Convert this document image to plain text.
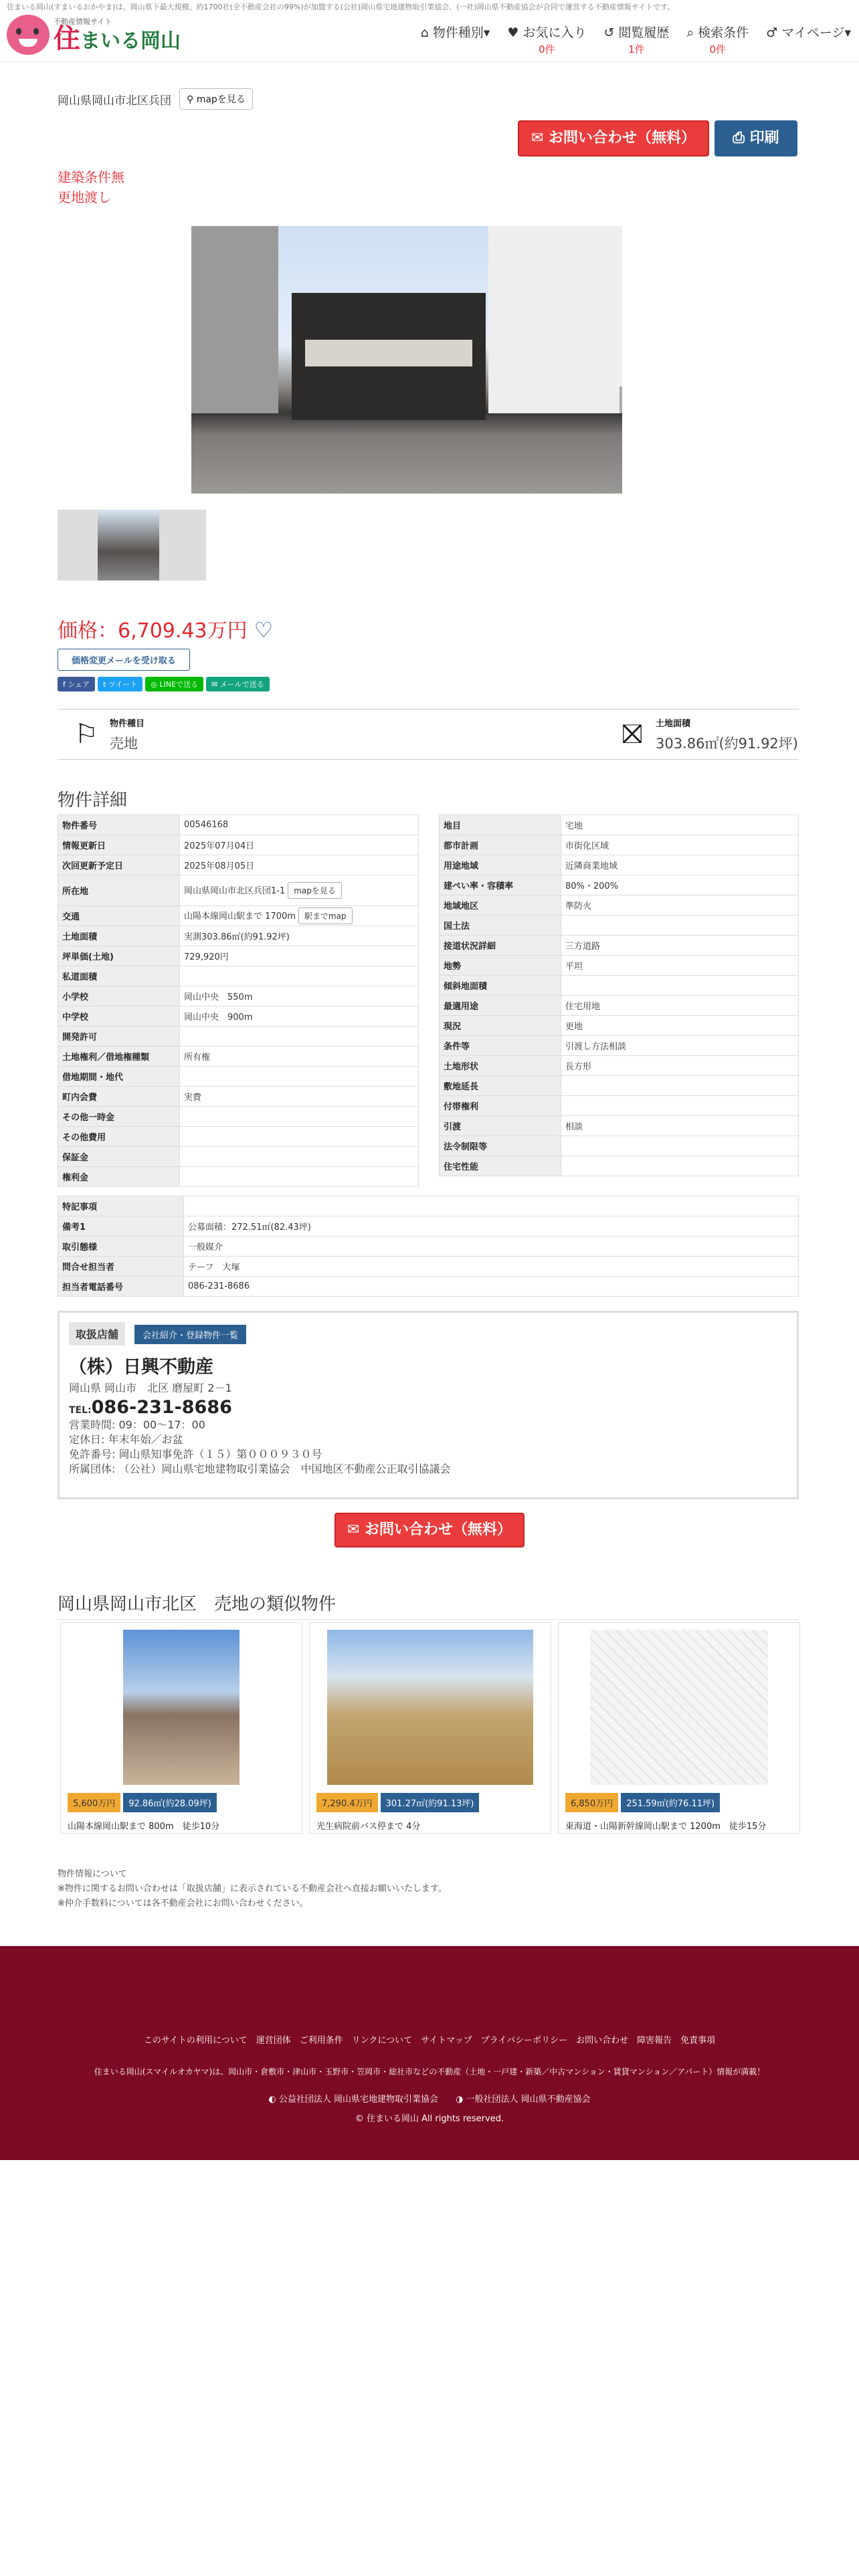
住まいる岡山(すまいるおかやま)は、岡山県下最大規模、約1700社(全不動産会社の99%)が加盟する(公社)岡山県宅地建物取引業協会、(一社)岡山県不動産協会が合同で運営する不動産情報サイトです。
不動産情報サイト
住まいる岡山	⌂ 物件種別▾ ♥ お気に入り
0件
↺ 閲覧履歴
1件
⌕ 検索条件
0件
♂ マイページ▾
岡山県岡山市北区兵団	⚲ mapを見る
✉ お問い合わせ（無料）	⎙ 印刷
建築条件無
更地渡し
価格：6,709.43万円 ♡
価格変更メールを受け取る
f シェア	t ツイート	◎ LINEで送る	✉ メールで送る
⚐	物件種目
売地	⛝	土地面積
303.86㎡(約91.92坪)
物件詳細
物件番号	00546168
情報更新日	2025年07月04日
次回更新予定日	2025年08月05日
所在地	岡山県岡山市北区兵団1-1 mapを見る
交通	山陽本線岡山駅まで 1700m 駅までmap
土地面積	実測303.86㎡(約91.92坪)
坪単価(土地)	729,920円
私道面積	
小学校	岡山中央　550m
中学校	岡山中央　900m
開発許可	
土地権利／借地権種類	所有権
借地期間・地代	
町内会費	実費
その他一時金	
その他費用	
保証金	
権利金	
地目	宅地
都市計画	市街化区域
用途地域	近隣商業地域
建ぺい率・容積率	80%・200%
地域地区	準防火
国土法	
接道状況詳細	三方道路
地勢	平坦
傾斜地面積	
最適用途	住宅用地
現況	更地
条件等	引渡し方法相談
土地形状	長方形
敷地延長	
付帯権利	
引渡	相談
法令制限等	
住宅性能	
特記事項	
備考1	公募面積：272.51㎡(82.43坪)
取引態様	一般媒介
問合せ担当者	テーフ　大塚
担当者電話番号	086-231-8686
取扱店舗	会社紹介・登録物件一覧
（株）日興不動産
岡山県 岡山市　北区 磨屋町 2－1
TEL:086-231-8686
営業時間: 09：00〜17：00
定休日: 年末年始／お盆
免許番号: 岡山県知事免許（１５）第０００９３０号
所属団体: （公社）岡山県宅地建物取引業協会　中国地区不動産公正取引協議会
✉ お問い合わせ（無料）
岡山県岡山市北区　売地の類似物件
5,600万円	92.86㎡(約28.09坪)
山陽本線岡山駅まで 800m　徒歩10分
7,290.4万円	301.27㎡(約91.13坪)
光生病院前バス停まで 4分
6,850万円	251.59㎡(約76.11坪)
東海道・山陽新幹線岡山駅まで 1200m　徒歩15分
物件情報について
※物件に関するお問い合わせは「取扱店舗」に表示されている不動産会社へ直接お願いいたします。
※仲介手数料については各不動産会社にお問い合わせください。
このサイトの利用について　運営団体　ご利用条件　リンクについて　サイトマップ　プライバシーポリシー　お問い合わせ　障害報告　免責事項
住まいる岡山(スマイルオカヤマ)は、岡山市・倉敷市・津山市・玉野市・笠岡市・総社市などの不動産（土地・一戸建・新築／中古マンション・賃貸マンション／アパート）情報が満載！
◐ 公益社団法人 岡山県宅地建物取引業協会　　 ◑ 一般社団法人 岡山県不動産協会
© 住まいる岡山 All rights reserved.
